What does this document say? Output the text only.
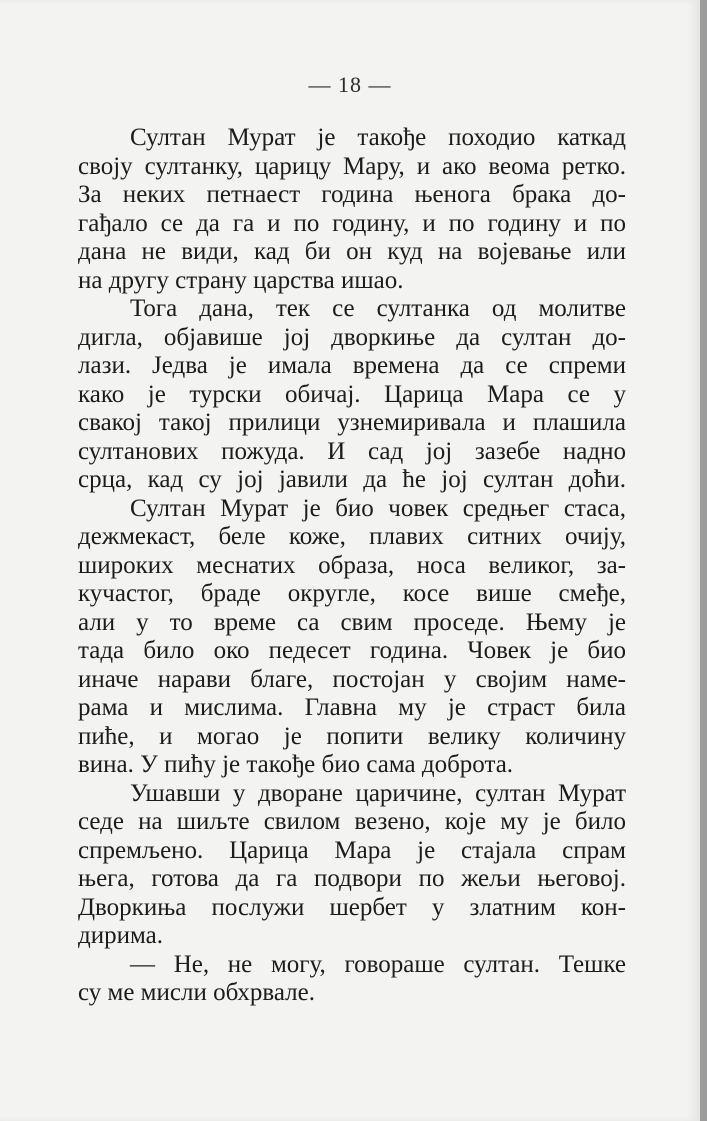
— 18 —
Султан Мурат је такође походио каткад
своју султанку, царицу Мару, и ако веома ретко.
За неких петнаест година њенога брака до-
гађало се да га и по годину, и по годину и по
дана не види, кад би он куд на војевање или
на другу страну царства ишао.
Тога дана, тек се султанка од молитве
дигла, објавише јој дворкиње да султан до-
лази. Једва је имала времена да се спреми
како је турски обичај. Царица Мара се у
свакој такој прилици узнемиривала и плашила
султанових пожуда. И сад јој зазебе надно
срца, кад су јој јавили да ће јој султан доћи.
Султан Мурат је био човек средњег стаса,
дежмекаст, беле коже, плавих ситних очију,
широких меснатих образа, носа великог, за-
кучастог, браде округле, косе више смеђе,
али у то време са свим проседе. Њему је
тада било око педесет година. Човек је био
иначе нарави благе, постојан у својим наме-
рама и мислима. Главна му је страст била
пиће, и могао је попити велику количину
вина. У пићу је такође био сама доброта.
Ушавши у дворане царичине, султан Мурат
седе на шиљте свилом везено, које му је било
спремљено. Царица Мара је стајала спрам
њега, готова да га подвори по жељи његовој.
Дворкиња послужи шербет у златним кон-
дирима.
— Не, не могу, говораше султан. Тешке
су ме мисли обхрвале.
